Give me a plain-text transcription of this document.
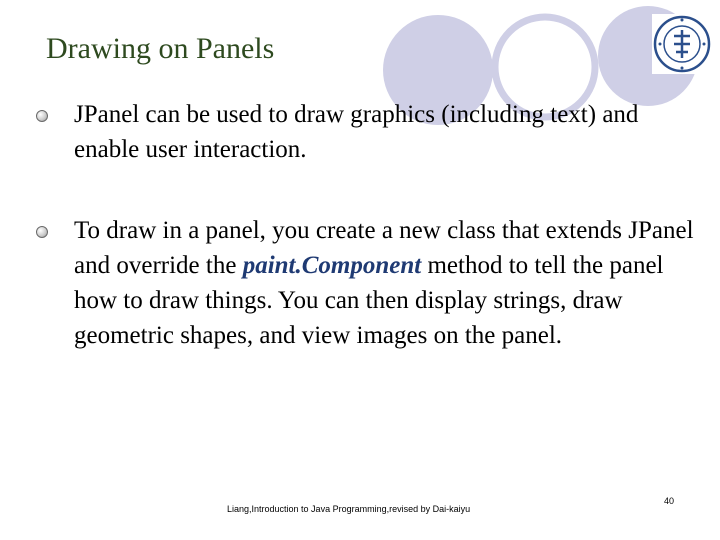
Drawing on Panels
JPanel can be used to draw graphics (including text) and enable user interaction.
To draw in a panel, you create a new class that extends JPanel and override the paint.Component method to tell the panel how to draw things. You can then display strings, draw geometric shapes, and view images on the panel.
Liang,Introduction to Java Programming,revised by Dai-kaiyu
40
